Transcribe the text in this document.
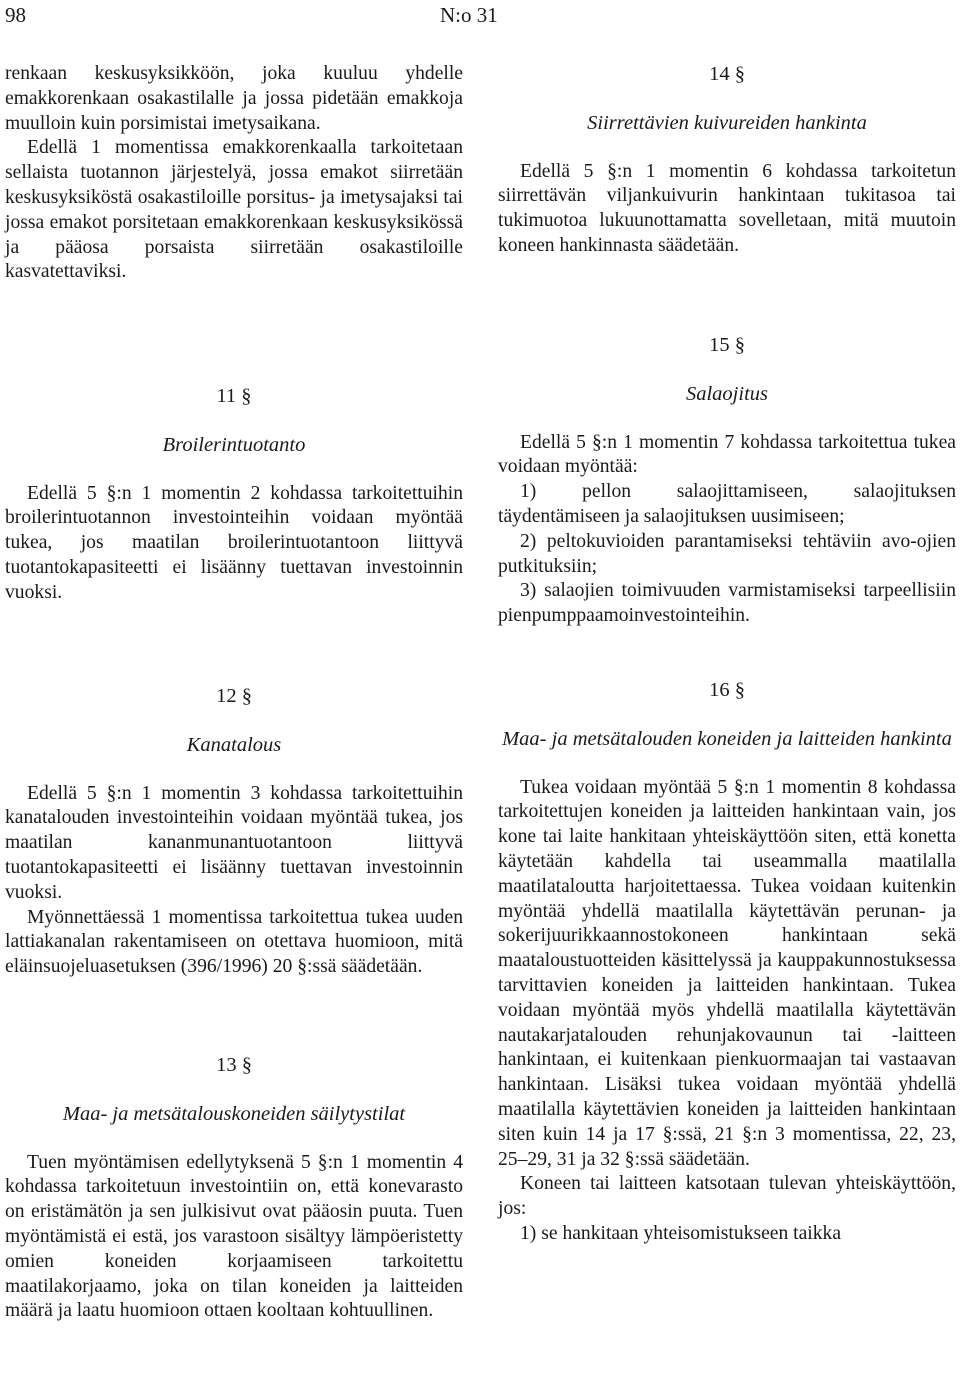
98	N:o 31

renkaan keskusyksikköön, joka kuuluu yhdelle emakkorenkaan osakastilalle ja jossa pidetään emakkoja muulloin kuin porsimistai imetysaikana.

Edellä 1 momentissa emakkorenkaalla tarkoitetaan sellaista tuotannon järjestelyä, jossa emakot siirretään keskusyksiköstä osakastiloille porsitus- ja imetysajaksi tai jossa emakot porsitetaan emakkorenkaan keskusyksikössä ja pääosa porsaista siirretään osakastiloille kasvatettaviksi.

11 §
Broilerintuotanto

Edellä 5 §:n 1 momentin 2 kohdassa tarkoitettuihin broilerintuotannon investointeihin voidaan myöntää tukea, jos maatilan broilerintuotantoon liittyvä tuotantokapasiteetti ei lisäänny tuettavan investoinnin vuoksi.

12 §
Kanatalous

Edellä 5 §:n 1 momentin 3 kohdassa tarkoitettuihin kanatalouden investointeihin voidaan myöntää tukea, jos maatilan kananmunantuotantoon liittyvä tuotantokapasiteetti ei lisäänny tuettavan investoinnin vuoksi.

Myönnettäessä 1 momentissa tarkoitettua tukea uuden lattiakanalan rakentamiseen on otettava huomioon, mitä eläinsuojeluasetuksen (396/1996) 20 §:ssä säädetään.

13 §
Maa- ja metsätalouskoneiden säilytystilat

Tuen myöntämisen edellytyksenä 5 §:n 1 momentin 4 kohdassa tarkoitetuun investointiin on, että konevarasto on eristämätön ja sen julkisivut ovat pääosin puuta. Tuen myöntämistä ei estä, jos varastoon sisältyy lämpöeristetty omien koneiden korjaamiseen tarkoitettu maatilakorjaamo, joka on tilan koneiden ja laitteiden määrä ja laatu huomioon ottaen kooltaan kohtuullinen.

14 §
Siirrettävien kuivureiden hankinta

Edellä 5 §:n 1 momentin 6 kohdassa tarkoitetun siirrettävän viljankuivurin hankintaan tukitasoa tai tukimuotoa lukuunottamatta sovelletaan, mitä muutoin koneen hankinnasta säädetään.

15 §
Salaojitus

Edellä 5 §:n 1 momentin 7 kohdassa tarkoitettua tukea voidaan myöntää:

1) pellon salaojittamiseen, salaojituksen täydentämiseen ja salaojituksen uusimiseen;

2) peltokuvioiden parantamiseksi tehtäviin avo-ojien putkituksiin;

3) salaojien toimivuuden varmistamiseksi tarpeellisiin pienpumppaamoinvestointeihin.

16 §
Maa- ja metsätalouden koneiden ja laitteiden hankinta

Tukea voidaan myöntää 5 §:n 1 momentin 8 kohdassa tarkoitettujen koneiden ja laitteiden hankintaan vain, jos kone tai laite hankitaan yhteiskäyttöön siten, että konetta käytetään kahdella tai useammalla maatilalla maatilataloutta harjoitettaessa. Tukea voidaan kuitenkin myöntää yhdellä maatilalla käytettävän perunan- ja sokerijuurikkaannostokoneen hankintaan sekä maataloustuotteiden käsittelyssä ja kauppakunnostuksessa tarvittavien koneiden ja laitteiden hankintaan. Tukea voidaan myöntää myös yhdellä maatilalla käytettävän nautakarjatalouden rehunjakovaunun tai -laitteen hankintaan, ei kuitenkaan pienkuormaajan tai vastaavan hankintaan. Lisäksi tukea voidaan myöntää yhdellä maatilalla käytettävien koneiden ja laitteiden hankintaan siten kuin 14 ja 17 §:ssä, 21 §:n 3 momentissa, 22, 23, 25–29, 31 ja 32 §:ssä säädetään.

Koneen tai laitteen katsotaan tulevan yhteiskäyttöön, jos:

1) se hankitaan yhteisomistukseen taikka
